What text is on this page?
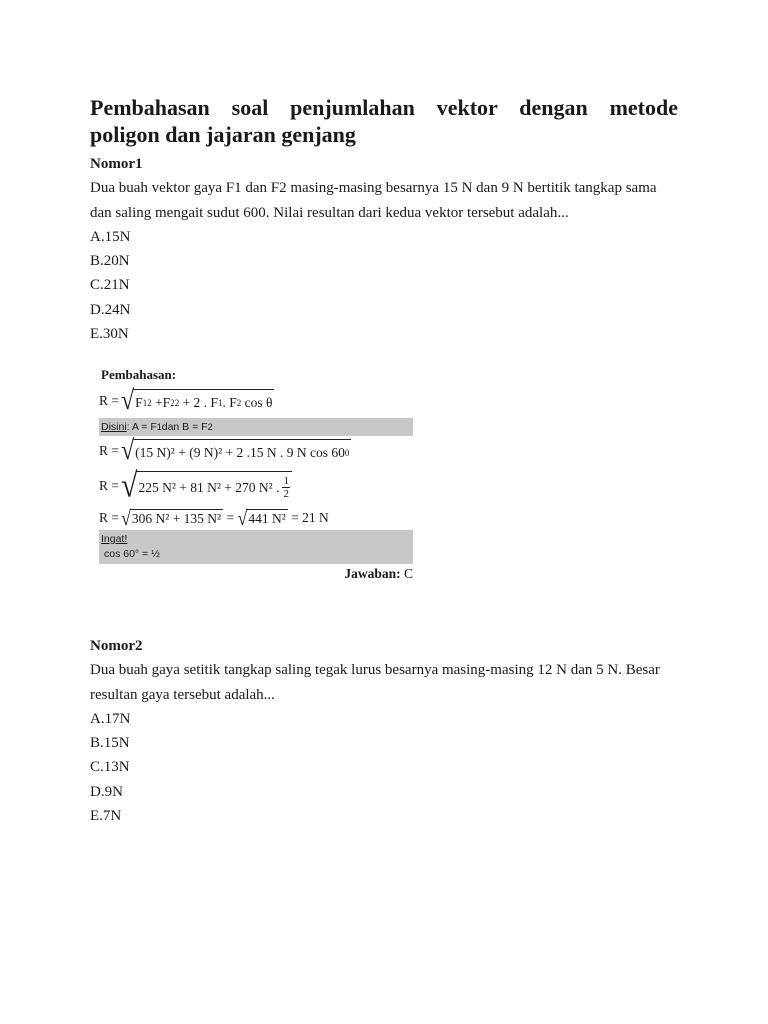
Pembahasan soal penjumlahan vektor dengan metode
poligon dan jajaran genjang
Nomor1
Dua buah vektor gaya F1 dan F2 masing-masing besarnya 15 N dan 9 N bertitik tangkap sama dan saling mengait sudut 600. Nilai resultan dari kedua vektor tersebut adalah...
A.15N
B.20N
C.21N
D.24N
E.30N
Pembahasan:
R = √ F 1 2 +F 2 2
+ 2 . F 1 . F 2
cos θ
Disini : A = F 1 dan B = F 2
R = √ (15 N)² + (9 N)² + 2 .15 N . 9 N cos 60 0
R = √ 225 N² + 81 N² + 270 N² . $\frac{1}{2}$
R = √ 306 N² + 135 N²
=
√ 441 N²
= 21 N
Ingat!
cos 60° = ½
Jawaban: C
Nomor2
Dua buah gaya setitik tangkap saling tegak lurus besarnya masing-masing 12 N dan 5 N. Besar resultan gaya tersebut adalah...
A.17N
B.15N
C.13N
D.9N
E.7N
